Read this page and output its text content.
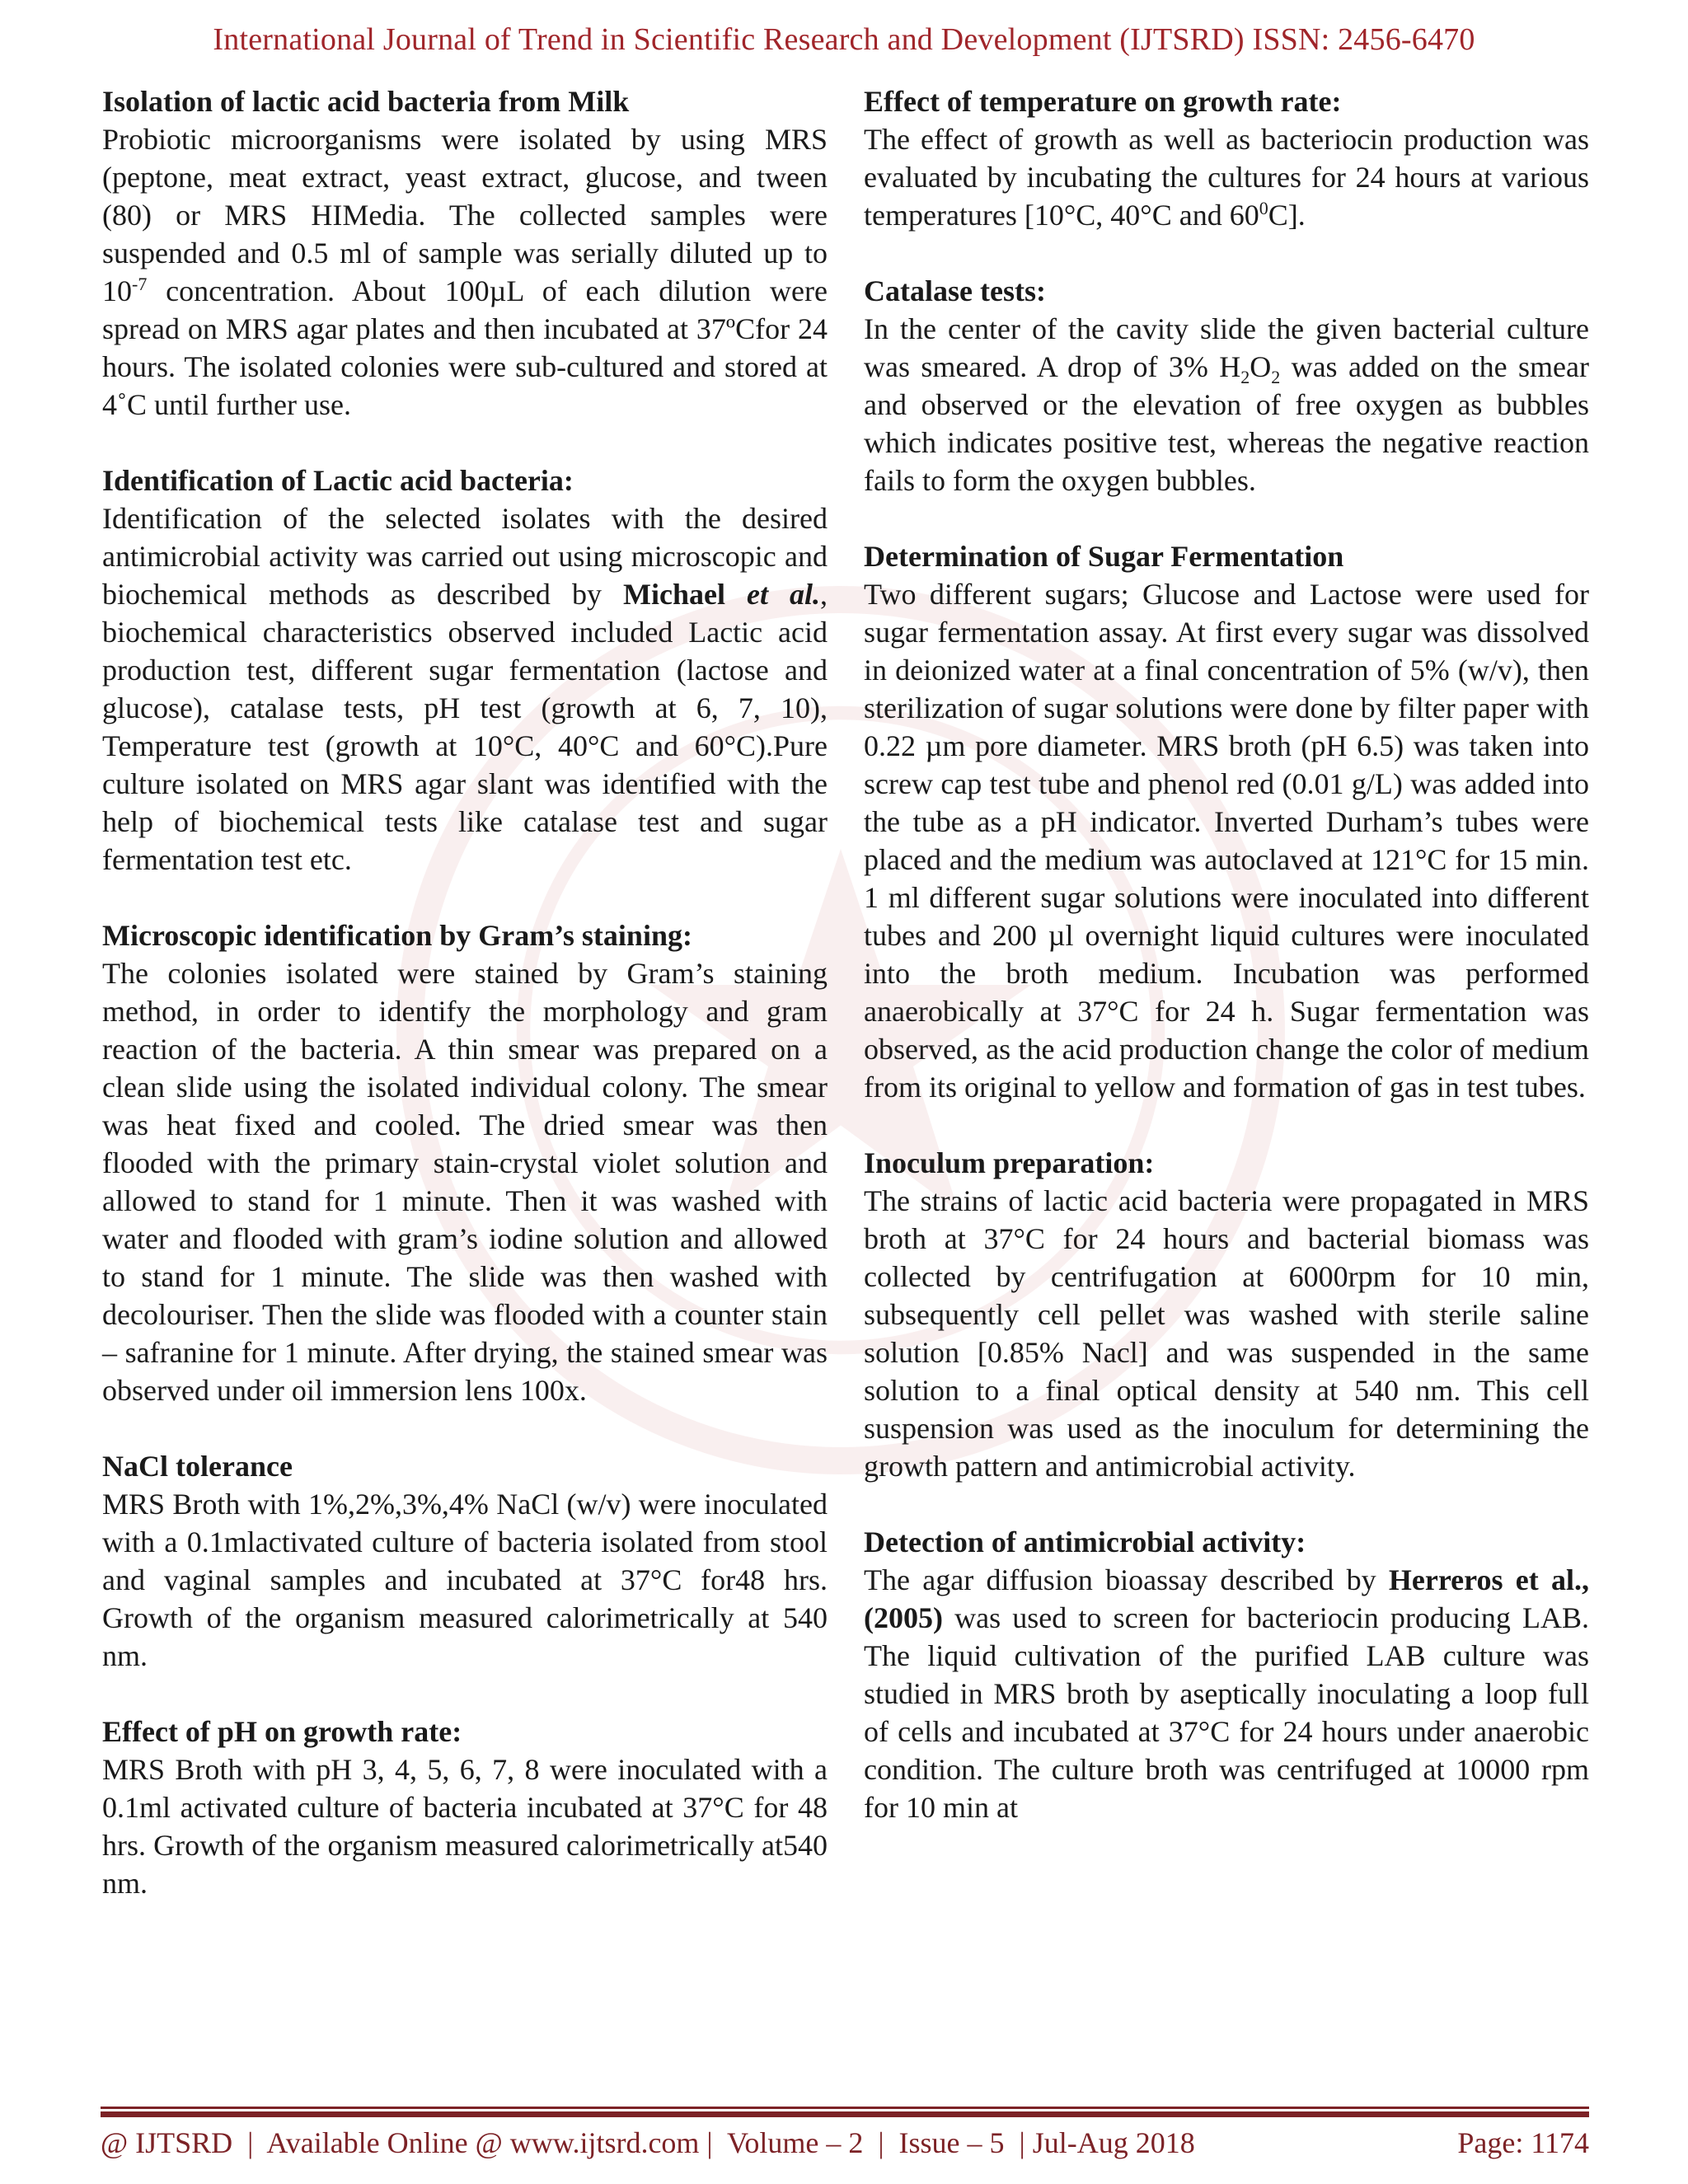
International Journal of Trend in Scientific Research and Development (IJTSRD) ISSN: 2456-6470

Isolation of lactic acid bacteria from Milk

Probiotic microorganisms were isolated by using MRS (peptone, meat extract, yeast extract, glucose, and tween (80) or MRS HIMedia. The collected samples were suspended and 0.5 ml of sample was serially diluted up to $10^{-7}$ concentration. About 100µL of each dilution were spread on MRS agar plates and then incubated at 37ºCfor 24 hours. The isolated colonies were sub-cultured and stored at 4˚C until further use.

Identification of Lactic acid bacteria:

Identification of the selected isolates with the desired antimicrobial activity was carried out using microscopic and biochemical methods as described by Michael et al., biochemical characteristics observed included Lactic acid production test, different sugar fermentation (lactose and glucose), catalase tests, pH test (growth at 6, 7, 10), Temperature test (growth at 10°C, 40°C and 60°C).Pure culture isolated on MRS agar slant was identified with the help of biochemical tests like catalase test and sugar fermentation test etc.

Microscopic identification by Gram’s staining:

The colonies isolated were stained by Gram’s staining method, in order to identify the morphology and gram reaction of the bacteria. A thin smear was prepared on a clean slide using the isolated individual colony. The smear was heat fixed and cooled. The dried smear was then flooded with the primary stain-crystal violet solution and allowed to stand for 1 minute. Then it was washed with water and flooded with gram’s iodine solution and allowed to stand for 1 minute. The slide was then washed with decolouriser. Then the slide was flooded with a counter stain – safranine for 1 minute. After drying, the stained smear was observed under oil immersion lens 100x.

NaCl tolerance

MRS Broth with 1%,2%,3%,4% NaCl (w/v) were inoculated with a 0.1mlactivated culture of bacteria isolated from stool and vaginal samples and incubated at 37°C for48 hrs. Growth of the organism measured calorimetrically at 540 nm.

Effect of pH on growth rate:

MRS Broth with pH 3, 4, 5, 6, 7, 8 were inoculated with a 0.1ml activated culture of bacteria incubated at 37°C for 48 hrs. Growth of the organism measured calorimetrically at540 nm.

Effect of temperature on growth rate:

The effect of growth as well as bacteriocin production was evaluated by incubating the cultures for 24 hours at various temperatures [10°C, 40°C and $60^0C$].

Catalase tests:

In the center of the cavity slide the given bacterial culture was smeared. A drop of 3% $H_2O_2$ was added on the smear and observed or the elevation of free oxygen as bubbles which indicates positive test, whereas the negative reaction fails to form the oxygen bubbles.

Determination of Sugar Fermentation

Two different sugars; Glucose and Lactose were used for sugar fermentation assay. At first every sugar was dissolved in deionized water at a final concentration of 5% (w/v), then sterilization of sugar solutions were done by filter paper with 0.22 µm pore diameter. MRS broth (pH 6.5) was taken into screw cap test tube and phenol red (0.01 g/L) was added into the tube as a pH indicator. Inverted Durham’s tubes were placed and the medium was autoclaved at 121°C for 15 min. 1 ml different sugar solutions were inoculated into different tubes and 200 µl overnight liquid cultures were inoculated into the broth medium. Incubation was performed anaerobically at 37°C for 24 h. Sugar fermentation was observed, as the acid production change the color of medium from its original to yellow and formation of gas in test tubes.

Inoculum preparation:

The strains of lactic acid bacteria were propagated in MRS broth at 37°C for 24 hours and bacterial biomass was collected by centrifugation at 6000rpm for 10 min, subsequently cell pellet was washed with sterile saline solution [0.85% Nacl] and was suspended in the same solution to a final optical density at 540 nm. This cell suspension was used as the inoculum for determining the growth pattern and antimicrobial activity.

Detection of antimicrobial activity:

The agar diffusion bioassay described by Herreros et al., (2005) was used to screen for bacteriocin producing LAB. The liquid cultivation of the purified LAB culture was studied in MRS broth by aseptically inoculating a loop full of cells and incubated at 37°C for 24 hours under anaerobic condition. The culture broth was centrifuged at 10000 rpm for 10 min at

@ IJTSRD  |  Available Online @ www.ijtsrd.com |  Volume – 2  |  Issue – 5  | Jul-Aug 2018	Page: 1174
